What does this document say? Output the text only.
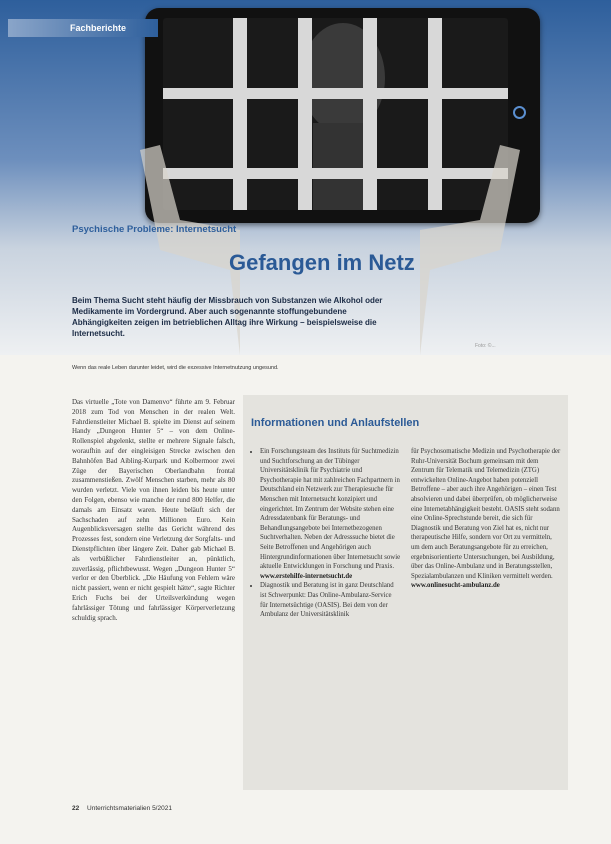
Fachberichte
Psychische Probleme: Internetsucht
Gefangen im Netz
Beim Thema Sucht steht häufig der Missbrauch von Substanzen wie Alkohol oder Medikamente im Vordergrund. Aber auch sogenannte stoffungebundene Abhängigkeiten zeigen im betrieblichen Alltag ihre Wirkung – beispielsweise die Internetsucht.
Foto: ©...
Wenn das reale Leben darunter leidet, wird die exzessive Internetnutzung ungesund.
Das virtuelle „Tote von Damenvo“ führte am 9. Februar 2018 zum Tod von Menschen in der realen Welt. Fahrdienstleiter Michael B. spielte im Dienst auf seinem Handy „Dungeon Hunter 5“ – von dem Online-Rollenspiel abgelenkt, stellte er mehrere Signale falsch, woraufhin auf der eingleisigen Strecke zwischen den Bahnhöfen Bad Aibling-Kurpark und Kolbermoor zwei Züge der Bayerischen Oberlandbahn frontal zusammenstießen. Zwölf Menschen starben, mehr als 80 wurden verletzt. Viele von ihnen leiden bis heute unter den Folgen, ebenso wie manche der rund 800 Helfer, die damals am Einsatz waren. Heute beläuft sich der Sachschaden auf zehn Millionen Euro. Kein Augenblicksversagen stellte das Gericht während des Prozesses fest, sondern eine Verletzung der Sorgfalts- und Dienstpflichten über längere Zeit. Daher gab Michael B. als verbüßlicher Fahrdienstleiter an, pünktlich, zuverlässig, pflichtbewusst. Wegen „Dungeon Hunter 5“ verlor er den Überblick. „Die Häufung von Fehlern wäre nicht passiert, wenn er nicht gespielt hätte“, sagte Richter Erich Fuchs bei der Urteilsverkündung wegen fahrlässiger Tötung und fahrlässiger Körperverletzung schuldig sprach.
Informationen und Anlaufstellen
• Ein Forschungsteam des Instituts für Suchtmedizin und Suchtforschung an der Tübinger Universitätsklinik für Psychiatrie und Psychotherapie hat mit zahlreichen Fachpartnern in Deutschland ein Netzwerk zur Therapiesuche für Menschen mit Internetsucht konzipiert und eingerichtet. Im Zentrum der Website stehen eine Adressdatenbank für Beratungs- und Behandlungsangebote bei Internetbezogenen Suchtverhalten. Neben der Adresssuche bietet die Seite Betroffenen und Angehörigen auch Hintergrundinformationen über Internetsucht sowie aktuelle Entwicklungen in Forschung und Praxis.
www.erstehilfe-internetsucht.de
• Diagnostik und Beratung ist in ganz Deutschland ist Schwerpunkt: Das Online-Ambulanz-Service für Internetsüchtige (OASIS). Bei dem von der Ambulanz der Universitätsklinik
für Psychosomatische Medizin und Psychotherapie der Ruhr-Universität Bochum gemeinsam mit dem Zentrum für Telematik und Telemedizin (ZTG) entwickelten Online-Angebot haben potenziell Betroffene – aber auch ihre Angehörigen – einen Test absolvieren und dabei überprüfen, ob möglicherweise eine Internetabhängigkeit besteht. OASIS steht sodann eine Online-Sprechstunde bereit, die sich für Diagnostik und Beratung von Ziel hat es, nicht nur therapeutische Hilfe, sondern vor Ort zu vermitteln, um dem auch Beratungsangebote für zu erreichen, ergebnisorientierte Untersuchungen, bei Ausbildung, über das Online-Ambulanz und in Beratungsstellen, Spezialambulanzen und Kliniken vermittelt werden.
www.onlinesucht-ambulanz.de
22 Unterrichtsmaterialien 5/2021
